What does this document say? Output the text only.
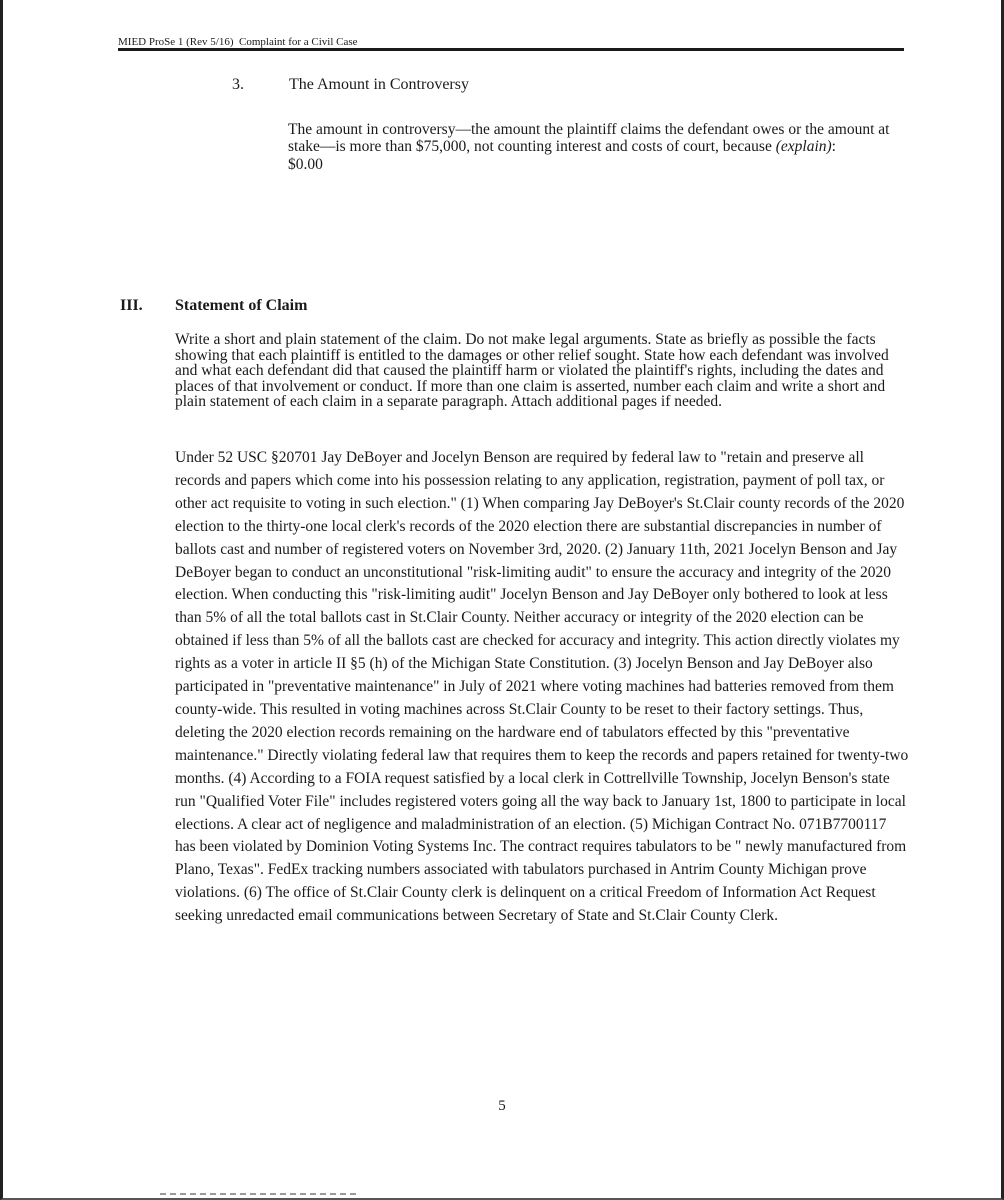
MIED ProSe 1 (Rev 5/16) Complaint for a Civil Case
3.	The Amount in Controversy

The amount in controversy—the amount the plaintiff claims the defendant owes or the amount at stake—is more than $75,000, not counting interest and costs of court, because (explain):

$0.00

III. Statement of Claim

Write a short and plain statement of the claim. Do not make legal arguments. State as briefly as possible the facts showing that each plaintiff is entitled to the damages or other relief sought. State how each defendant was involved and what each defendant did that caused the plaintiff harm or violated the plaintiff's rights, including the dates and places of that involvement or conduct. If more than one claim is asserted, number each claim and write a short and plain statement of each claim in a separate paragraph. Attach additional pages if needed.

Under 52 USC §20701 Jay DeBoyer and Jocelyn Benson are required by federal law to "retain and preserve all records and papers which come into his possession relating to any application, registration, payment of poll tax, or other act requisite to voting in such election." (1) When comparing Jay DeBoyer's St.Clair county records of the 2020 election to the thirty-one local clerk's records of the 2020 election there are substantial discrepancies in number of ballots cast and number of registered voters on November 3rd, 2020. (2) January 11th, 2021 Jocelyn Benson and Jay DeBoyer began to conduct an unconstitutional "risk-limiting audit" to ensure the accuracy and integrity of the 2020 election. When conducting this "risk-limiting audit" Jocelyn Benson and Jay DeBoyer only bothered to look at less than 5% of all the total ballots cast in St.Clair County. Neither accuracy or integrity of the 2020 election can be obtained if less than 5% of all the ballots cast are checked for accuracy and integrity. This action directly violates my rights as a voter in article II §5 (h) of the Michigan State Constitution. (3) Jocelyn Benson and Jay DeBoyer also participated in "preventative maintenance" in July of 2021 where voting machines had batteries removed from them county-wide. This resulted in voting machines across St.Clair County to be reset to their factory settings. Thus, deleting the 2020 election records remaining on the hardware end of tabulators effected by this "preventative maintenance." Directly violating federal law that requires them to keep the records and papers retained for twenty-two months. (4) According to a FOIA request satisfied by a local clerk in Cottrellville Township, Jocelyn Benson's state run "Qualified Voter File" includes registered voters going all the way back to January 1st, 1800 to participate in local elections. A clear act of negligence and maladministration of an election. (5) Michigan Contract No. 071B7700117 has been violated by Dominion Voting Systems Inc. The contract requires tabulators to be " newly manufactured from Plano, Texas". FedEx tracking numbers associated with tabulators purchased in Antrim County Michigan prove violations. (6) The office of St.Clair County clerk is delinquent on a critical Freedom of Information Act Request seeking unredacted email communications between Secretary of State and St.Clair County Clerk.

5
